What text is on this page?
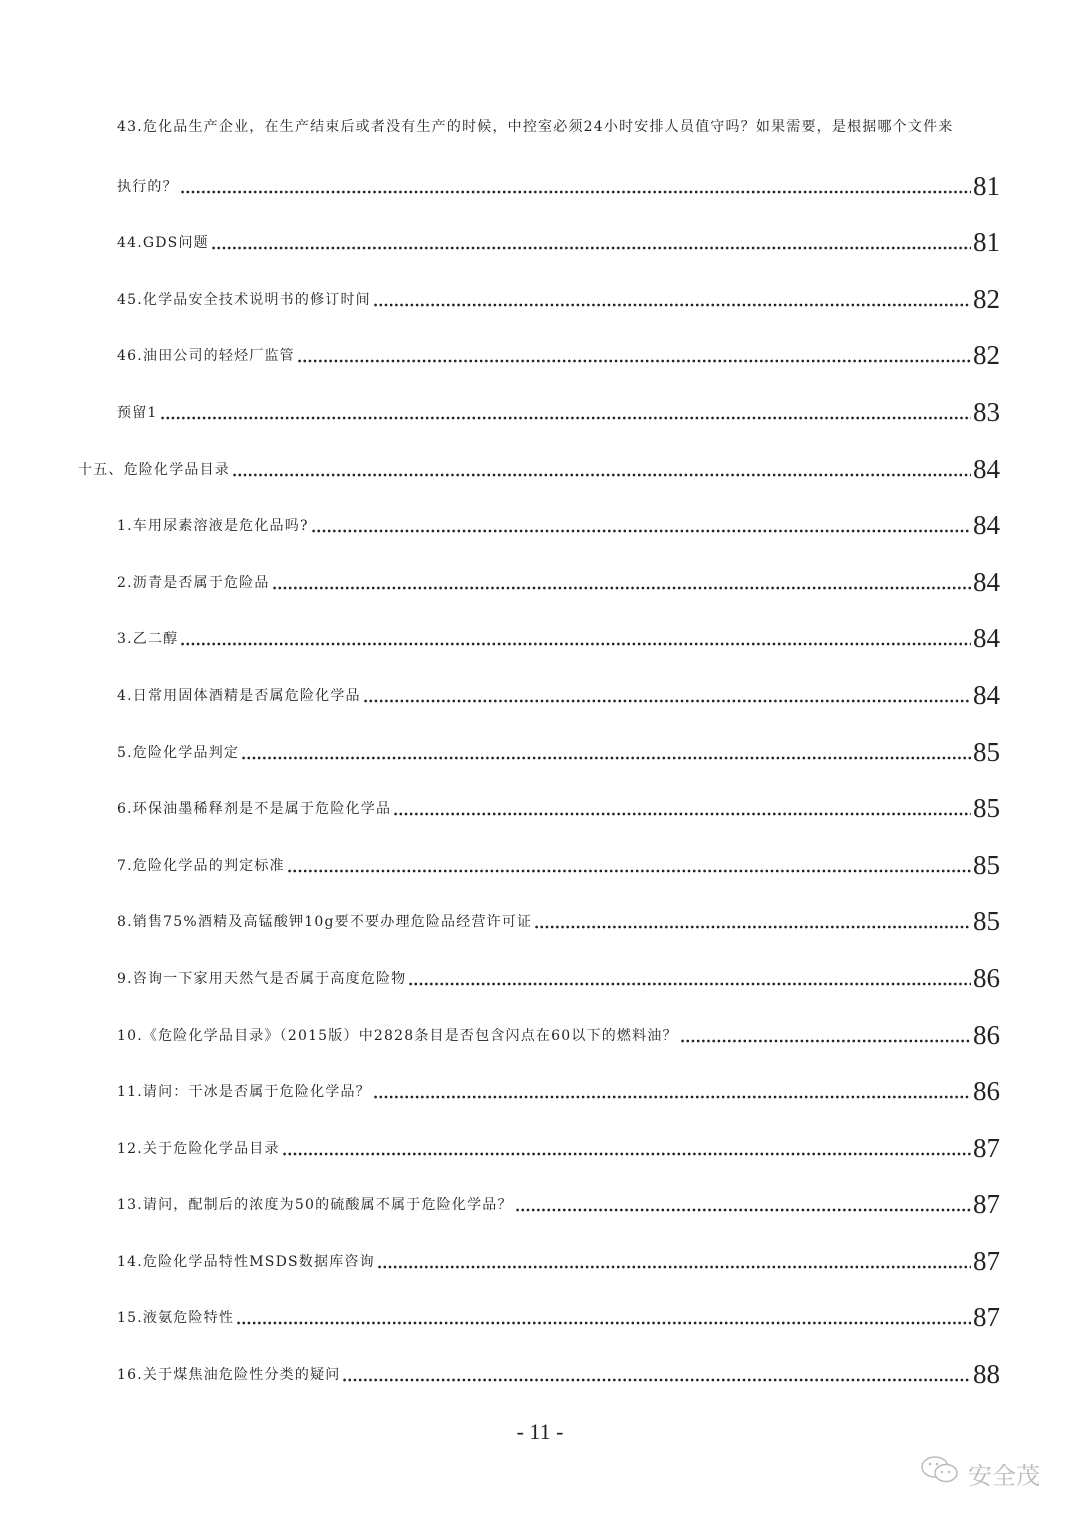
43.危化品生产企业，在生产结束后或者没有生产的时候，中控室必须24小时安排人员值守吗？如果需要，是根据哪个文件来
执行的？	81
44.GDS问题	81
45.化学品安全技术说明书的修订时间	82
46.油田公司的轻烃厂监管	82
预留1	83
十五、危险化学品目录	84
1.车用尿素溶液是危化品吗?	84
2.沥青是否属于危险品	84
3.乙二醇	84
4.日常用固体酒精是否属危险化学品	84
5.危险化学品判定	85
6.环保油墨稀释剂是不是属于危险化学品	85
7.危险化学品的判定标准	85
8.销售75%酒精及高锰酸钾10g要不要办理危险品经营许可证	85
9.咨询一下家用天然气是否属于高度危险物	86
10.《危险化学品目录》（2015版）中2828条目是否包含闪点在60以下的燃料油？	86
11.请问：干冰是否属于危险化学品？	86
12.关于危险化学品目录	87
13.请问，配制后的浓度为50的硫酸属不属于危险化学品？	87
14.危险化学品特性MSDS数据库咨询	87
15.液氨危险特性	87
16.关于煤焦油危险性分类的疑问	88
- 11 -
安全茂
